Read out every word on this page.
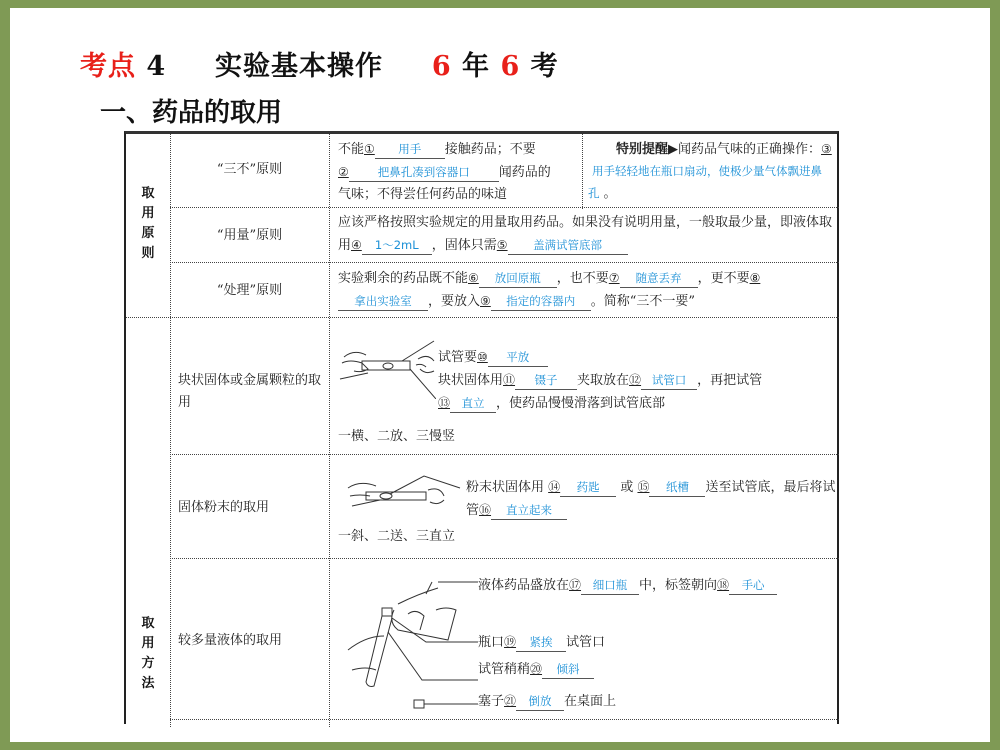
考点 4 实验基本操作 6 年 6 考
一、药品的取用
取
用
原
则
“三不”原则
不能① 用手 接触药品；不要
②	把鼻孔凑到容器口 闻药品的
气味；不得尝任何药品的味道
特别提醒▶闻药品气味的正确操作：③用手轻轻地在瓶口扇动，使极少量气体飘进鼻孔 。
“用量”原则
应该严格按照实验规定的用量取用药品。如果没有说明用量，一般取最少量，即液体取用④ 1～2mL ，固体只需⑤ 盖满试管底部
“处理”原则
实验剩余的药品既不能⑥ 放回原瓶 ，也不要⑦ 随意丢弃 ，更不要⑧拿出实验室 ，要放入⑨ 指定的容器内 。简称“三不一要”
取
用
方
法
块状固体或金属颗粒的取用
试管要⑩ 平放
块状固体用⑪ 镊子 夹取放在⑫ 试管口 ，再把试管
⑬ 直立 ，使药品慢慢滑落到试管底部
一横、二放、三慢竖
固体粉末的取用
粉末状固体用 ⑭ 药匙 或 ⑮ 纸槽 送至试管底，最后将试管⑯ 直立起来
一斜、二送、三直立
较多量液体的取用
液体药品盛放在⑰ 细口瓶 中，标签朝向⑱ 手心
瓶口⑲ 紧挨 试管口
试管稍稍⑳ 倾斜
塞子㉑ 倒放 在桌面上
